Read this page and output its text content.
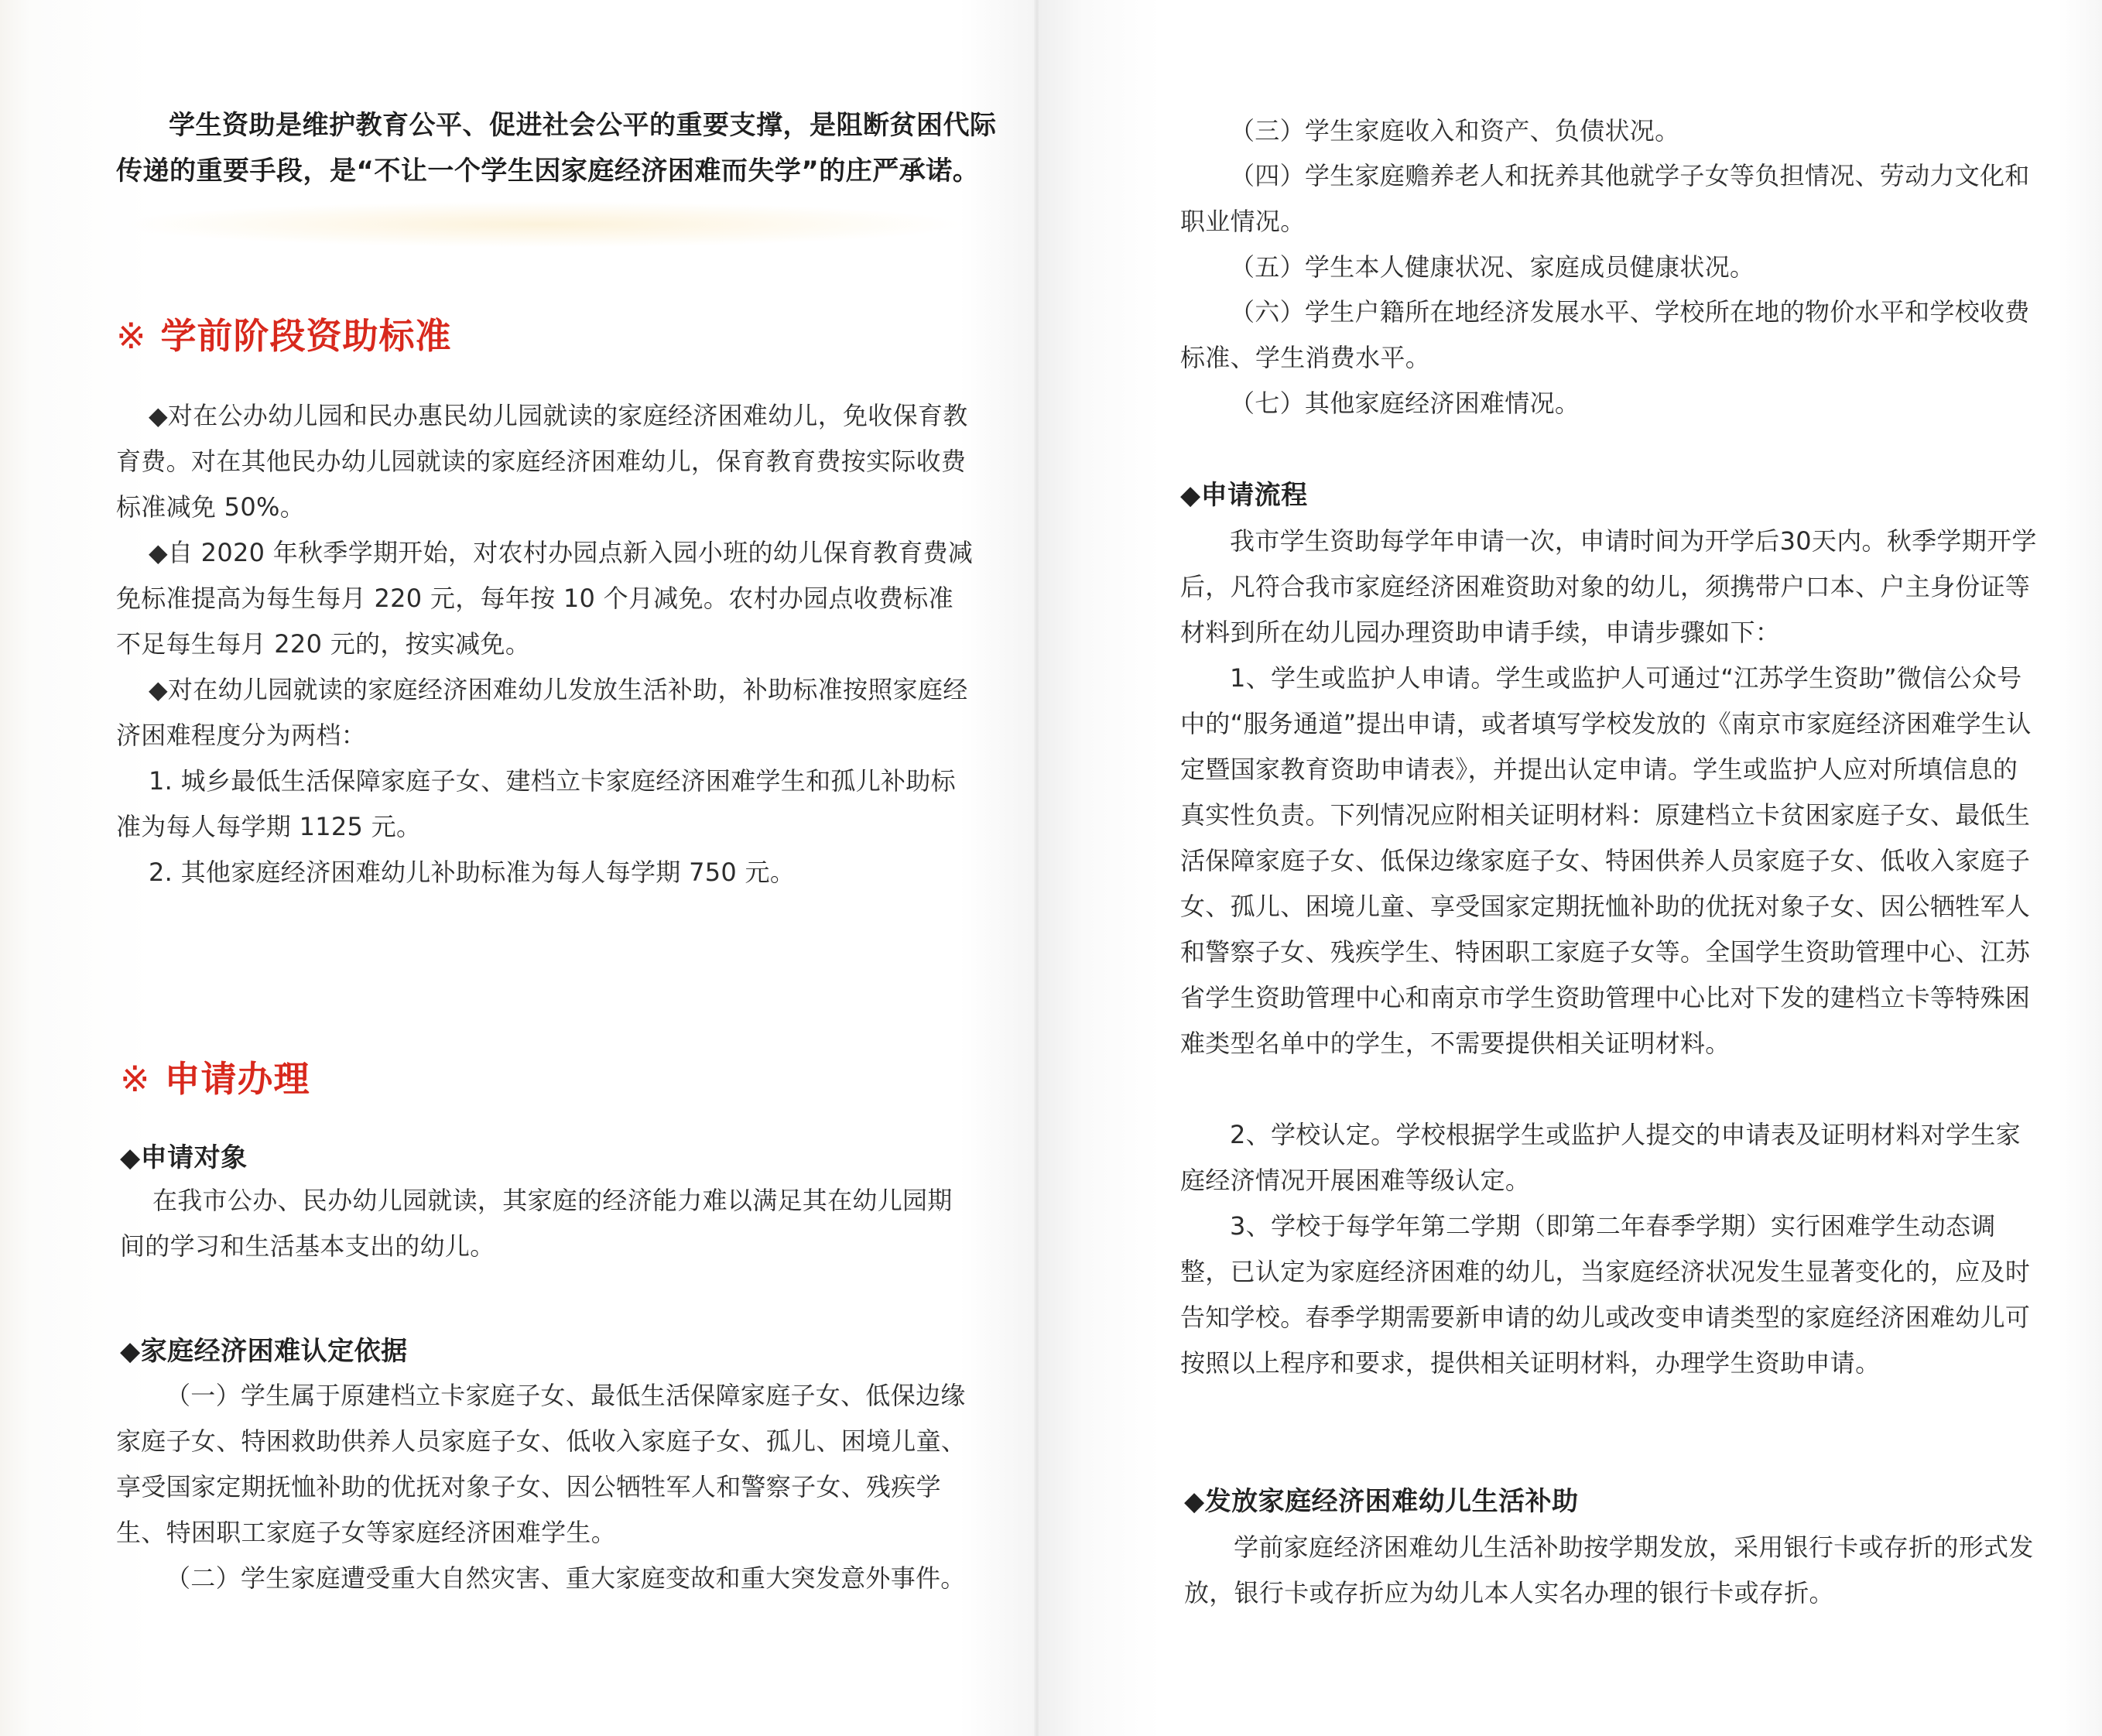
学生资助是维护教育公平、促进社会公平的重要支撑，是阻断贫困代际传递的重要手段，是“不让一个学生因家庭经济困难而失学”的庄严承诺。
※ 学前阶段资助标准
◆对在公办幼儿园和民办惠民幼儿园就读的家庭经济困难幼儿，免收保育教育费。对在其他民办幼儿园就读的家庭经济困难幼儿，保育教育费按实际收费标准减免 50%。
◆自 2020 年秋季学期开始，对农村办园点新入园小班的幼儿保育教育费减免标准提高为每生每月 220 元，每年按 10 个月减免。农村办园点收费标准不足每生每月 220 元的，按实减免。
◆对在幼儿园就读的家庭经济困难幼儿发放生活补助，补助标准按照家庭经济困难程度分为两档：
1. 城乡最低生活保障家庭子女、建档立卡家庭经济困难学生和孤儿补助标准为每人每学期 1125 元。
2. 其他家庭经济困难幼儿补助标准为每人每学期 750 元。
※ 申请办理
◆申请对象
在我市公办、民办幼儿园就读，其家庭的经济能力难以满足其在幼儿园期间的学习和生活基本支出的幼儿。
◆家庭经济困难认定依据
（一）学生属于原建档立卡家庭子女、最低生活保障家庭子女、低保边缘家庭子女、特困救助供养人员家庭子女、低收入家庭子女、孤儿、困境儿童、享受国家定期抚恤补助的优抚对象子女、因公牺牲军人和警察子女、残疾学生、特困职工家庭子女等家庭经济困难学生。
（二）学生家庭遭受重大自然灾害、重大家庭变故和重大突发意外事件。
（三）学生家庭收入和资产、负债状况。
（四）学生家庭赡养老人和抚养其他就学子女等负担情况、劳动力文化和职业情况。
（五）学生本人健康状况、家庭成员健康状况。
（六）学生户籍所在地经济发展水平、学校所在地的物价水平和学校收费标准、学生消费水平。
（七）其他家庭经济困难情况。
◆申请流程
我市学生资助每学年申请一次，申请时间为开学后30天内。秋季学期开学后，凡符合我市家庭经济困难资助对象的幼儿，须携带户口本、户主身份证等材料到所在幼儿园办理资助申请手续，申请步骤如下：
1、学生或监护人申请。学生或监护人可通过“江苏学生资助”微信公众号中的“服务通道”提出申请，或者填写学校发放的《南京市家庭经济困难学生认定暨国家教育资助申请表》，并提出认定申请。学生或监护人应对所填信息的真实性负责。下列情况应附相关证明材料：原建档立卡贫困家庭子女、最低生活保障家庭子女、低保边缘家庭子女、特困供养人员家庭子女、低收入家庭子女、孤儿、困境儿童、享受国家定期抚恤补助的优抚对象子女、因公牺牲军人和警察子女、残疾学生、特困职工家庭子女等。全国学生资助管理中心、江苏省学生资助管理中心和南京市学生资助管理中心比对下发的建档立卡等特殊困难类型名单中的学生，不需要提供相关证明材料。
2、学校认定。学校根据学生或监护人提交的申请表及证明材料对学生家庭经济情况开展困难等级认定。
3、学校于每学年第二学期（即第二年春季学期）实行困难学生动态调整，已认定为家庭经济困难的幼儿，当家庭经济状况发生显著变化的，应及时告知学校。春季学期需要新申请的幼儿或改变申请类型的家庭经济困难幼儿可按照以上程序和要求，提供相关证明材料，办理学生资助申请。
◆发放家庭经济困难幼儿生活补助
学前家庭经济困难幼儿生活补助按学期发放，采用银行卡或存折的形式发放，银行卡或存折应为幼儿本人实名办理的银行卡或存折。
